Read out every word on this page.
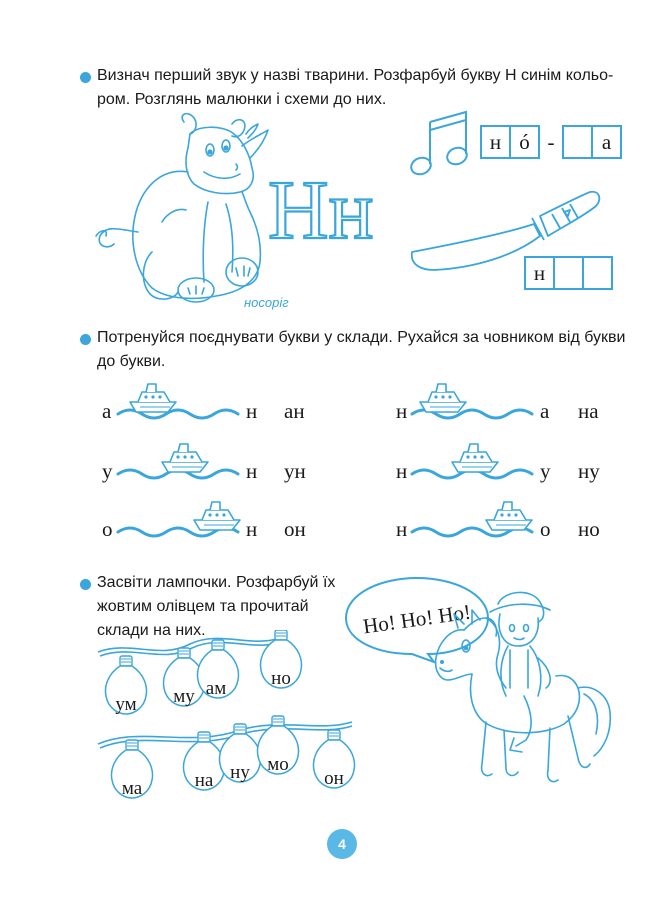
Визнач перший звук у назві тварини. Розфарбуй букву Н синім кольо-

ром. Розглянь малюнки і схеми до них.

носоріг
Нн
н ó -	а
н

Потренуйся поєднувати букви у склади. Рухайся за човником від букви

до букви.

а	н ан
у	н ун
о	н он
н	а на
н	у ну
н	о но

Засвіти лампочки. Розфарбуй їх

жовтим олівцем та прочитай

склади на них.

ум му ам но
ма	на ну мо
он
Но! Но! Но!
4
